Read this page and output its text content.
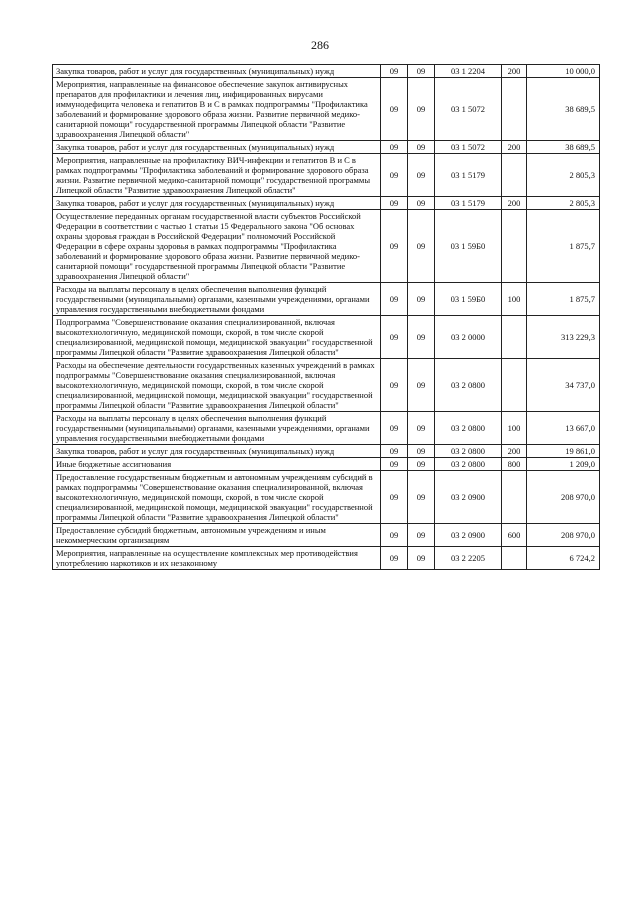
286
Закупка товаров, работ и услуг для государственных (муниципальных) нужд	09	09	03 1 2204	200	10 000,0
Мероприятия, направленные на финансовое обеспечение закупок антивирусных препаратов для профилактики и лечения лиц, инфицированных вирусами иммунодефицита человека и гепатитов В и С в рамках подпрограммы "Профилактика заболеваний и формирование здорового образа жизни. Развитие первичной медико-санитарной помощи" государственной программы Липецкой области "Развитие здравоохранения Липецкой области"	09	09	03 1 5072		38 689,5
Закупка товаров, работ и услуг для государственных (муниципальных) нужд	09	09	03 1 5072	200	38 689,5
Мероприятия, направленные на профилактику ВИЧ-инфекции и гепатитов В и С в рамках подпрограммы "Профилактика заболеваний и формирование здорового образа жизни. Развитие первичной медико-санитарной помощи" государственной программы Липецкой области "Развитие здравоохранения Липецкой области"	09	09	03 1 5179		2 805,3
Закупка товаров, работ и услуг для государственных (муниципальных) нужд	09	09	03 1 5179	200	2 805,3
Осуществление переданных органам государственной власти субъектов Российской Федерации в соответствии с частью 1 статьи 15 Федерального закона "Об основах охраны здоровья граждан в Российской Федерации" полномочий Российской Федерации в сфере охраны здоровья в рамках подпрограммы "Профилактика заболеваний и формирование здорового образа жизни. Развитие первичной медико-санитарной помощи" государственной программы Липецкой области "Развитие здравоохранения Липецкой области"	09	09	03 1 59Б0		1 875,7
Расходы на выплаты персоналу в целях обеспечения выполнения функций государственными (муниципальными) органами, казенными учреждениями, органами управления государственными внебюджетными фондами	09	09	03 1 59Б0	100	1 875,7
Подпрограмма "Совершенствование оказания специализированной, включая высокотехнологичную, медицинской помощи, скорой, в том числе скорой специализированной, медицинской помощи, медицинской эвакуации" государственной программы Липецкой области "Развитие здравоохранения Липецкой области"	09	09	03 2 0000		313 229,3
Расходы на обеспечение деятельности государственных казенных учреждений в рамках подпрограммы "Совершенствование оказания специализированной, включая высокотехнологичную, медицинской помощи, скорой, в том числе скорой специализированной, медицинской помощи, медицинской эвакуации" государственной программы Липецкой области "Развитие здравоохранения Липецкой области"	09	09	03 2 0800		34 737,0
Расходы на выплаты персоналу в целях обеспечения выполнения функций государственными (муниципальными) органами, казенными учреждениями, органами управления государственными внебюджетными фондами	09	09	03 2 0800	100	13 667,0
Закупка товаров, работ и услуг для государственных (муниципальных) нужд	09	09	03 2 0800	200	19 861,0
Иные бюджетные ассигнования	09	09	03 2 0800	800	1 209,0
Предоставление государственным бюджетным и автономным учреждениям субсидий в рамках подпрограммы "Совершенствование оказания специализированной, включая высокотехнологичную, медицинской помощи, скорой, в том числе скорой специализированной, медицинской помощи, медицинской эвакуации" государственной программы Липецкой области "Развитие здравоохранения Липецкой области"	09	09	03 2 0900		208 970,0
Предоставление субсидий бюджетным, автономным учреждениям и иным некоммерческим организациям	09	09	03 2 0900	600	208 970,0
Мероприятия, направленные на осуществление комплексных мер противодействия употреблению наркотиков и их незаконному	09	09	03 2 2205		6 724,2
